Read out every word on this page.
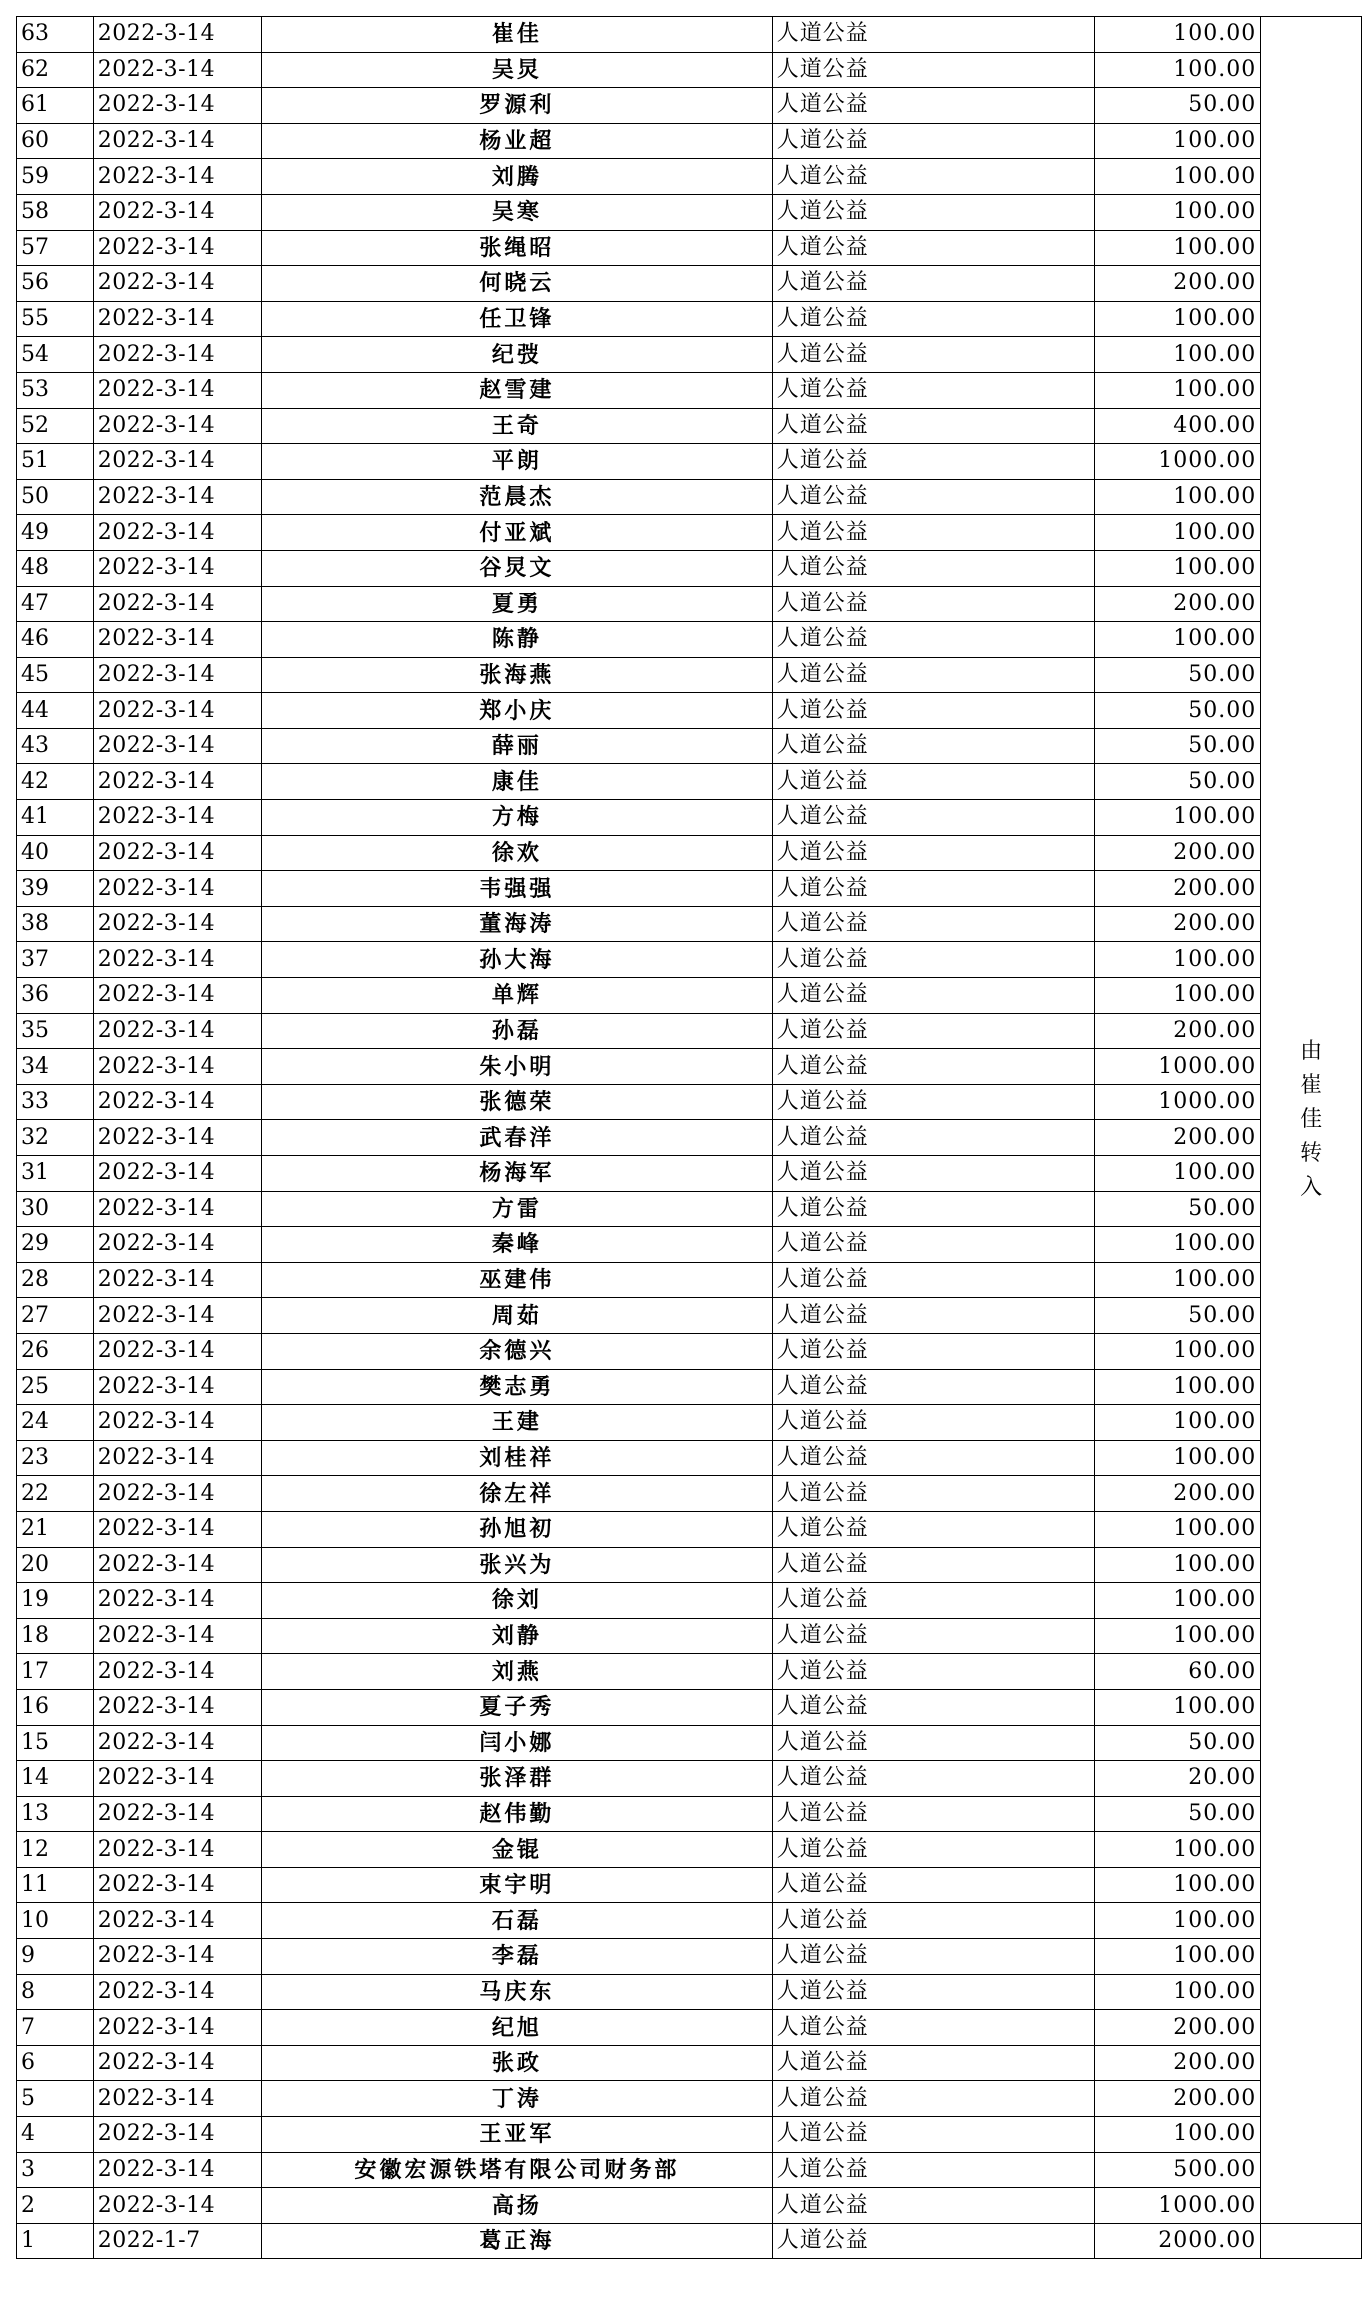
63	2022-3-14	崔佳	人道公益	100.00	由崔佳转入
62	2022-3-14	吴炅	人道公益	100.00	
61	2022-3-14	罗源利	人道公益	50.00	
60	2022-3-14	杨业超	人道公益	100.00	
59	2022-3-14	刘腾	人道公益	100.00	
58	2022-3-14	吴寒	人道公益	100.00	
57	2022-3-14	张绳昭	人道公益	100.00	
56	2022-3-14	何晓云	人道公益	200.00	
55	2022-3-14	任卫锋	人道公益	100.00	
54	2022-3-14	纪弢	人道公益	100.00	
53	2022-3-14	赵雪建	人道公益	100.00	
52	2022-3-14	王奇	人道公益	400.00	
51	2022-3-14	平朗	人道公益	1000.00	
50	2022-3-14	范晨杰	人道公益	100.00	
49	2022-3-14	付亚斌	人道公益	100.00	
48	2022-3-14	谷炅文	人道公益	100.00	
47	2022-3-14	夏勇	人道公益	200.00	
46	2022-3-14	陈静	人道公益	100.00	
45	2022-3-14	张海燕	人道公益	50.00	
44	2022-3-14	郑小庆	人道公益	50.00	
43	2022-3-14	薛丽	人道公益	50.00	
42	2022-3-14	康佳	人道公益	50.00	
41	2022-3-14	方梅	人道公益	100.00	
40	2022-3-14	徐欢	人道公益	200.00	
39	2022-3-14	韦强强	人道公益	200.00	
38	2022-3-14	董海涛	人道公益	200.00	
37	2022-3-14	孙大海	人道公益	100.00	
36	2022-3-14	单辉	人道公益	100.00	
35	2022-3-14	孙磊	人道公益	200.00	
34	2022-3-14	朱小明	人道公益	1000.00	
33	2022-3-14	张德荣	人道公益	1000.00	
32	2022-3-14	武春洋	人道公益	200.00	
31	2022-3-14	杨海军	人道公益	100.00	
30	2022-3-14	方雷	人道公益	50.00	
29	2022-3-14	秦峰	人道公益	100.00	
28	2022-3-14	巫建伟	人道公益	100.00	
27	2022-3-14	周茹	人道公益	50.00	
26	2022-3-14	余德兴	人道公益	100.00	
25	2022-3-14	樊志勇	人道公益	100.00	
24	2022-3-14	王建	人道公益	100.00	
23	2022-3-14	刘桂祥	人道公益	100.00	
22	2022-3-14	徐左祥	人道公益	200.00	
21	2022-3-14	孙旭初	人道公益	100.00	
20	2022-3-14	张兴为	人道公益	100.00	
19	2022-3-14	徐刘	人道公益	100.00	
18	2022-3-14	刘静	人道公益	100.00	
17	2022-3-14	刘燕	人道公益	60.00	
16	2022-3-14	夏子秀	人道公益	100.00	
15	2022-3-14	闫小娜	人道公益	50.00	
14	2022-3-14	张泽群	人道公益	20.00	
13	2022-3-14	赵伟勤	人道公益	50.00	
12	2022-3-14	金锟	人道公益	100.00	
11	2022-3-14	束宇明	人道公益	100.00	
10	2022-3-14	石磊	人道公益	100.00	
9	2022-3-14	李磊	人道公益	100.00	
8	2022-3-14	马庆东	人道公益	100.00	
7	2022-3-14	纪旭	人道公益	200.00	
6	2022-3-14	张政	人道公益	200.00	
5	2022-3-14	丁涛	人道公益	200.00	
4	2022-3-14	王亚军	人道公益	100.00	
3	2022-3-14	安徽宏源铁塔有限公司财务部	人道公益	500.00	
2	2022-3-14	高扬	人道公益	1000.00	
1	2022-1-7	葛正海	人道公益	2000.00	
